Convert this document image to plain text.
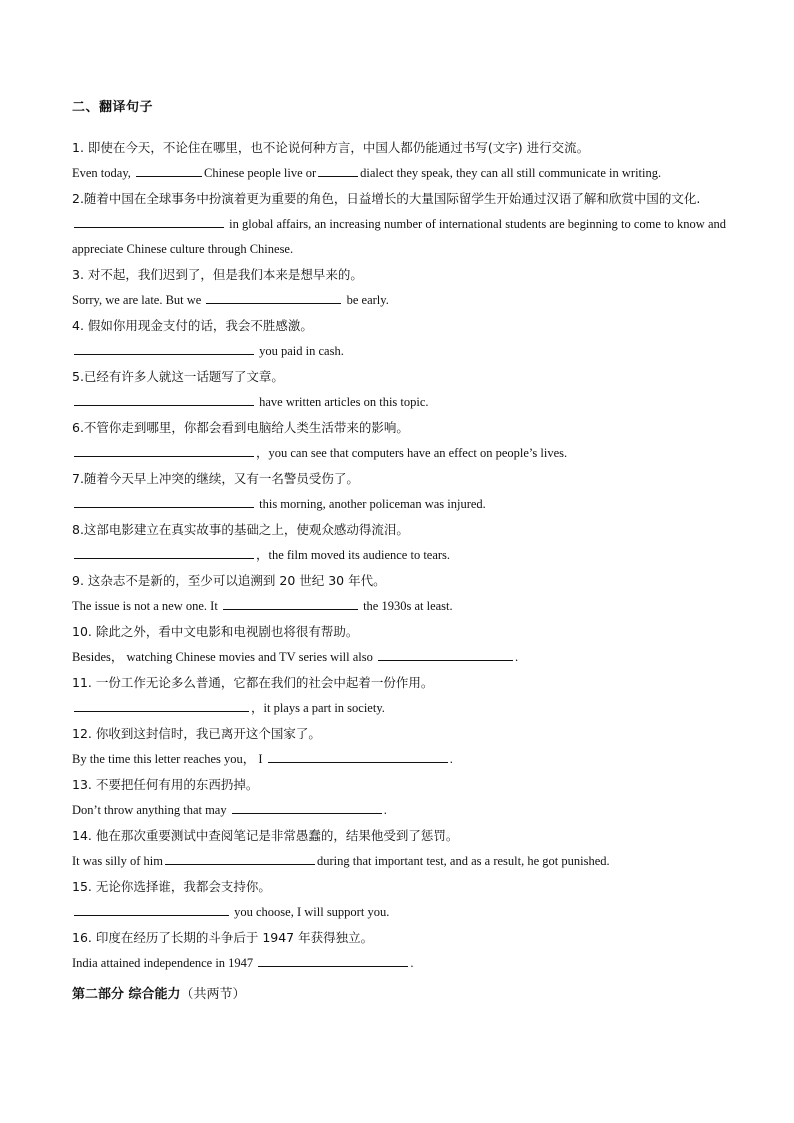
二、翻译句子
1. 即使在今天，不论住在哪里，也不论说何种方言，中国人都仍能通过书写(文字) 进行交流。
Even today,	Chinese people live or	dialect they speak, they can all still communicate in writing.
2.随着中国在全球事务中扮演着更为重要的角色，日益增长的大量国际留学生开始通过汉语了解和欣赏中国的文化.
in global affairs, an increasing number of international students are beginning to come to know and appreciate Chinese culture through Chinese.
3. 对不起，我们迟到了，但是我们本来是想早来的。
Sorry, we are late. But we	be early.
4. 假如你用现金支付的话，我会不胜感激。
you paid in cash.
5.已经有许多人就这一话题写了文章。
have written articles on this topic.
6.不管你走到哪里，你都会看到电脑给人类生活带来的影响。
，you can see that computers have an effect on people’s lives.
7.随着今天早上冲突的继续，又有一名警员受伤了。
this morning, another policeman was injured.
8.这部电影建立在真实故事的基础之上，使观众感动得流泪。
，the film moved its audience to tears.
9. 这杂志不是新的，至少可以追溯到 20 世纪 30 年代。
The issue is not a new one. It	the 1930s at least.
10. 除此之外，看中文电影和电视剧也将很有帮助。
Besides， watching Chinese movies and TV series will also	.
11. 一份工作无论多么普通，它都在我们的社会中起着一份作用。
，it plays a part in society.
12. 你收到这封信时，我已离开这个国家了。
By the time this letter reaches you， I	.
13. 不要把任何有用的东西扔掉。
Don’t throw anything that may	.
14. 他在那次重要测试中查阅笔记是非常愚蠢的，结果他受到了惩罚。
It was silly of him	during that important test, and as a result, he got punished.
15. 无论你选择谁，我都会支持你。
you choose, I will support you.
16. 印度在经历了长期的斗争后于 1947 年获得独立。
India attained independence in 1947	.
第二部分 综合能力（共两节）
